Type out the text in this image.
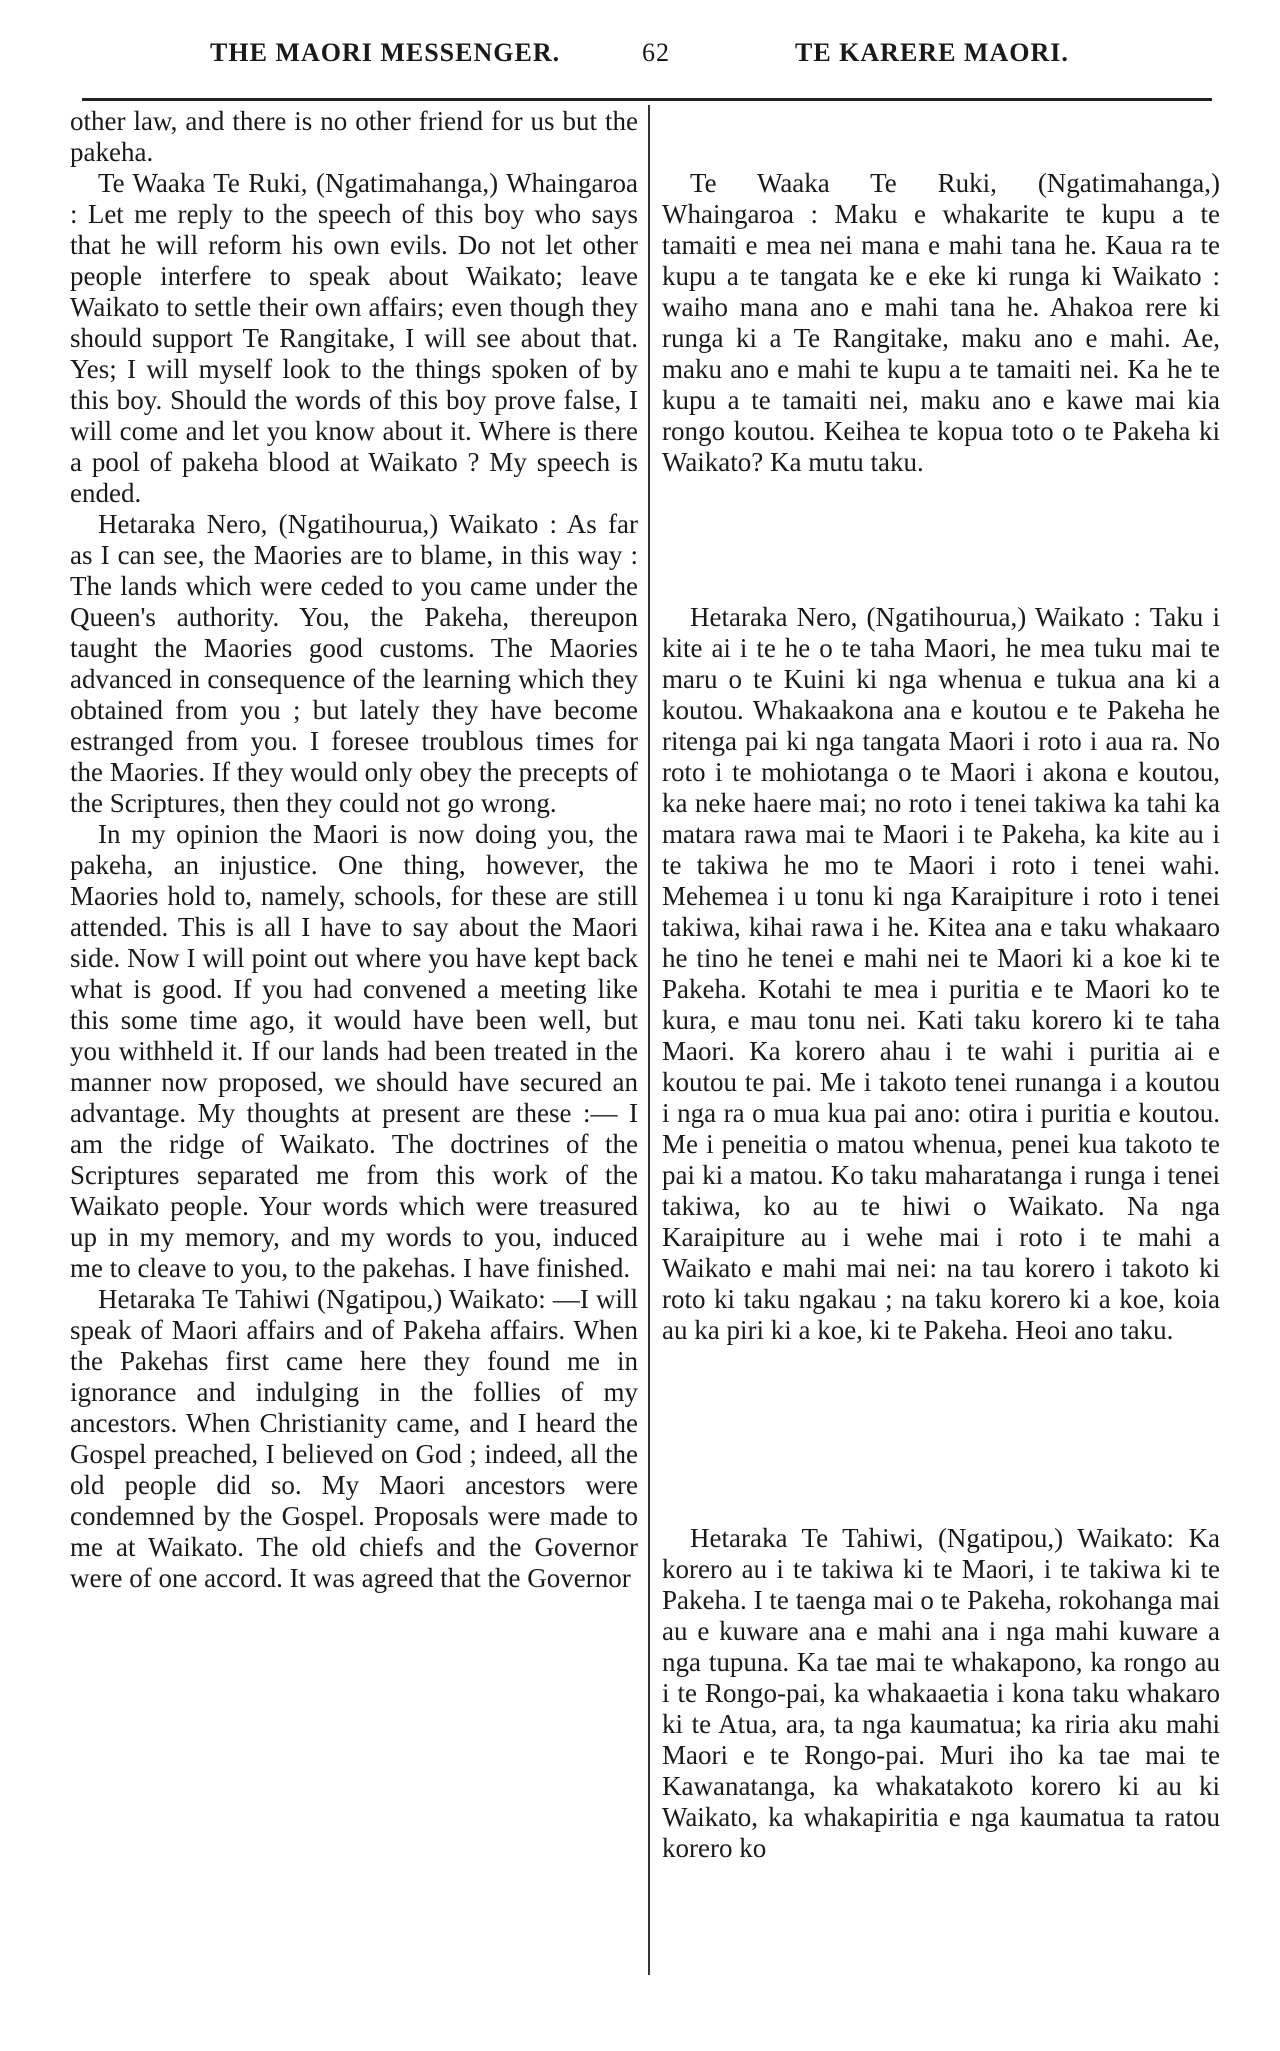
THE MAORI MESSENGER.	62	TE KARERE MAORI.

other law, and there is no other friend for us but the pakeha.

Te Waaka Te Ruki, (Ngatimahanga,) Whaingaroa : Let me reply to the speech of this boy who says that he will reform his own evils. Do not let other people interfere to speak about Waikato; leave Waikato to settle their own affairs; even though they should support Te Rangitake, I will see about that. Yes; I will myself look to the things spoken of by this boy. Should the words of this boy prove false, I will come and let you know about it. Where is there a pool of pakeha blood at Waikato ? My speech is ended.

Hetaraka Nero, (Ngatihourua,) Waikato : As far as I can see, the Maories are to blame, in this way : The lands which were ceded to you came under the Queen's authority. You, the Pakeha, thereupon taught the Maories good customs. The Maories advanced in consequence of the learning which they obtained from you ; but lately they have become estranged from you. I foresee troublous times for the Maories. If they would only obey the precepts of the Scriptures, then they could not go wrong.

In my opinion the Maori is now doing you, the pakeha, an injustice. One thing, however, the Maories hold to, namely, schools, for these are still attended. This is all I have to say about the Maori side. Now I will point out where you have kept back what is good. If you had convened a meeting like this some time ago, it would have been well, but you withheld it. If our lands had been treated in the manner now proposed, we should have secured an advantage. My thoughts at present are these :— I am the ridge of Waikato. The doctrines of the Scriptures separated me from this work of the Waikato people. Your words which were treasured up in my memory, and my words to you, induced me to cleave to you, to the pakehas. I have finished.

Hetaraka Te Tahiwi (Ngatipou,) Waikato: —I will speak of Maori affairs and of Pakeha affairs. When the Pakehas first came here they found me in ignorance and indulging in the follies of my ancestors. When Christianity came, and I heard the Gospel preached, I believed on God ; indeed, all the old people did so. My Maori ancestors were condemned by the Gospel. Proposals were made to me at Waikato. The old chiefs and the Governor were of one accord. It was agreed that the Governor

Te Waaka Te Ruki, (Ngatimahanga,) Whaingaroa : Maku e whakarite te kupu a te tamaiti e mea nei mana e mahi tana he. Kaua ra te kupu a te tangata ke e eke ki runga ki Waikato : waiho mana ano e mahi tana he. Ahakoa rere ki runga ki a Te Rangitake, maku ano e mahi. Ae, maku ano e mahi te kupu a te tamaiti nei. Ka he te kupu a te tamaiti nei, maku ano e kawe mai kia rongo koutou. Keihea te kopua toto o te Pakeha ki Waikato? Ka mutu taku.

Hetaraka Nero, (Ngatihourua,) Waikato : Taku i kite ai i te he o te taha Maori, he mea tuku mai te maru o te Kuini ki nga whenua e tukua ana ki a koutou. Whakaakona ana e koutou e te Pakeha he ritenga pai ki nga tangata Maori i roto i aua ra. No roto i te mohiotanga o te Maori i akona e koutou, ka neke haere mai; no roto i tenei takiwa ka tahi ka matara rawa mai te Maori i te Pakeha, ka kite au i te takiwa he mo te Maori i roto i tenei wahi. Mehemea i u tonu ki nga Karaipiture i roto i tenei takiwa, kihai rawa i he. Kitea ana e taku whakaaro he tino he tenei e mahi nei te Maori ki a koe ki te Pakeha. Kotahi te mea i puritia e te Maori ko te kura, e mau tonu nei. Kati taku korero ki te taha Maori. Ka korero ahau i te wahi i puritia ai e koutou te pai. Me i takoto tenei runanga i a koutou i nga ra o mua kua pai ano: otira i puritia e koutou. Me i peneitia o matou whenua, penei kua takoto te pai ki a matou. Ko taku maharatanga i runga i tenei takiwa, ko au te hiwi o Waikato. Na nga Karaipiture au i wehe mai i roto i te mahi a Waikato e mahi mai nei: na tau korero i takoto ki roto ki taku ngakau ; na taku korero ki a koe, koia au ka piri ki a koe, ki te Pakeha. Heoi ano taku.

Hetaraka Te Tahiwi, (Ngatipou,) Waikato: Ka korero au i te takiwa ki te Maori, i te takiwa ki te Pakeha. I te taenga mai o te Pakeha, rokohanga mai au e kuware ana e mahi ana i nga mahi kuware a nga tupuna. Ka tae mai te whakapono, ka rongo au i te Rongo-pai, ka whakaaetia i kona taku whakaro ki te Atua, ara, ta nga kaumatua; ka riria aku mahi Maori e te Rongo-pai. Muri iho ka tae mai te Kawanatanga, ka whakatakoto korero ki au ki Waikato, ka whakapiritia e nga kaumatua ta ratou korero ko
